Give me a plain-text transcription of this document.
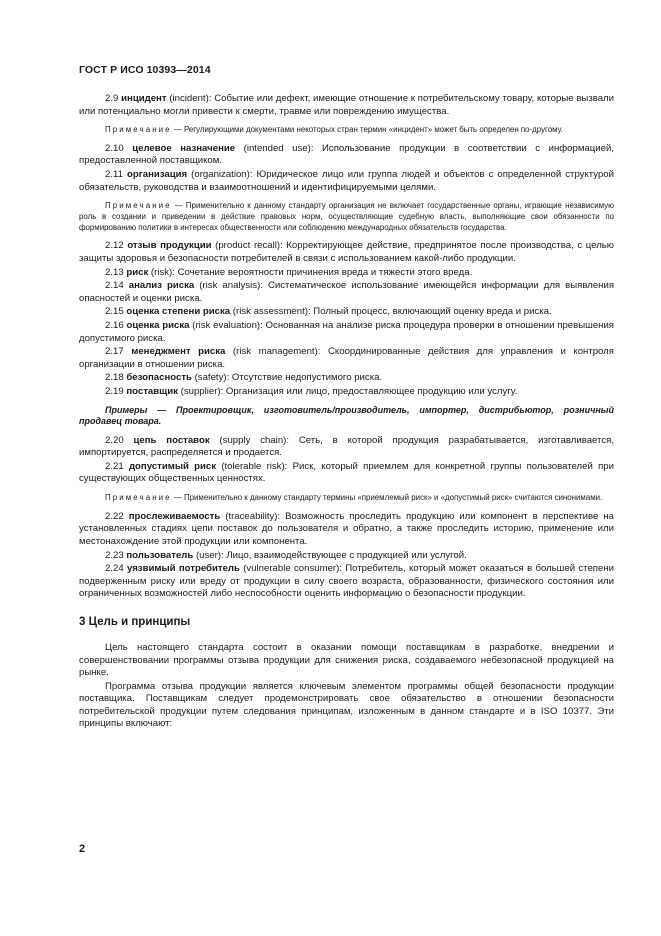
ГОСТ Р ИСО 10393—2014

2.9 инцидент (incident): Событие или дефект, имеющие отношение к потребительскому товару, которые вызвали или потенциально могли привести к смерти, травме или повреждению имущества.

Примечание — Регулирующими документами некоторых стран термин «инцидент» может быть определен по-другому.

2.10 целевое назначение (intended use): Использование продукции в соответствии с информацией, предоставленной поставщиком.

2.11 организация (organization): Юридическое лицо или группа людей и объектов с определенной структурой обязательств, руководства и взаимоотношений и идентифицируемыми целями.

Примечание — Применительно к данному стандарту организация не включает государственные органы, играющие независимую роль в создании и приведении в действие правовых норм, осуществляющие судебную власть, выполняющие свои обязанности по формированию политики в интересах общественности или соблюдению международных обязательств государства.

2.12 отзыв продукции (product recall): Корректирующее действие, предпринятое после производства, с целью защиты здоровья и безопасности потребителей в связи с использованием какой-либо продукции.

2.13 риск (risk): Сочетание вероятности причинения вреда и тяжести этого вреда.

2.14 анализ риска (risk analysis): Систематическое использование имеющейся информации для выявления опасностей и оценки риска.

2.15 оценка степени риска (risk assessment): Полный процесс, включающий оценку вреда и риска.

2.16 оценка риска (risk evaluation): Основанная на анализе риска процедура проверки в отношении превышения допустимого риска.

2.17 менеджмент риска (risk management): Скоординированные действия для управления и контроля организации в отношении риска.

2.18 безопасность (safety): Отсутствие недопустимого риска.

2.19 поставщик (supplier): Организация или лицо, предоставляющее продукцию или услугу.

Примеры — Проектировщик, изготовитель/производитель, импортер, дистрибьютор, розничный продавец товара.

2.20 цепь поставок (supply chain): Сеть, в которой продукция разрабатывается, изготавливается, импортируется, распределяется и продается.

2.21 допустимый риск (tolerable risk): Риск, который приемлем для конкретной группы пользователей при существующих общественных ценностях.

Примечание — Применительно к данному стандарту термины «приемлемый риск» и «допустимый риск» считаются синонимами.

2.22 прослеживаемость (traceability): Возможность проследить продукцию или компонент в перспективе на установленных стадиях цепи поставок до пользователя и обратно, а также проследить историю, применение или местонахождение этой продукции или компонента.

2.23 пользователь (user): Лицо, взаимодействующее с продукцией или услугой.

2.24 уязвимый потребитель (vulnerable consumer): Потребитель, который может оказаться в большей степени подверженным риску или вреду от продукции в силу своего возраста, образованности, физического состояния или ограниченных возможностей либо неспособности оценить информацию о безопасности продукции.

3 Цель и принципы

Цель настоящего стандарта состоит в оказании помощи поставщикам в разработке, внедрении и совершенствовании программы отзыва продукции для снижения риска, создаваемого небезопасной продукцией на рынке.

Программа отзыва продукции является ключевым элементом программы общей безопасности продукции поставщика. Поставщикам следует продемонстрировать свое обязательство в отношении безопасности потребительской продукции путем следования принципам, изложенным в данном стандарте и в ISO 10377. Эти принципы включают:

2
